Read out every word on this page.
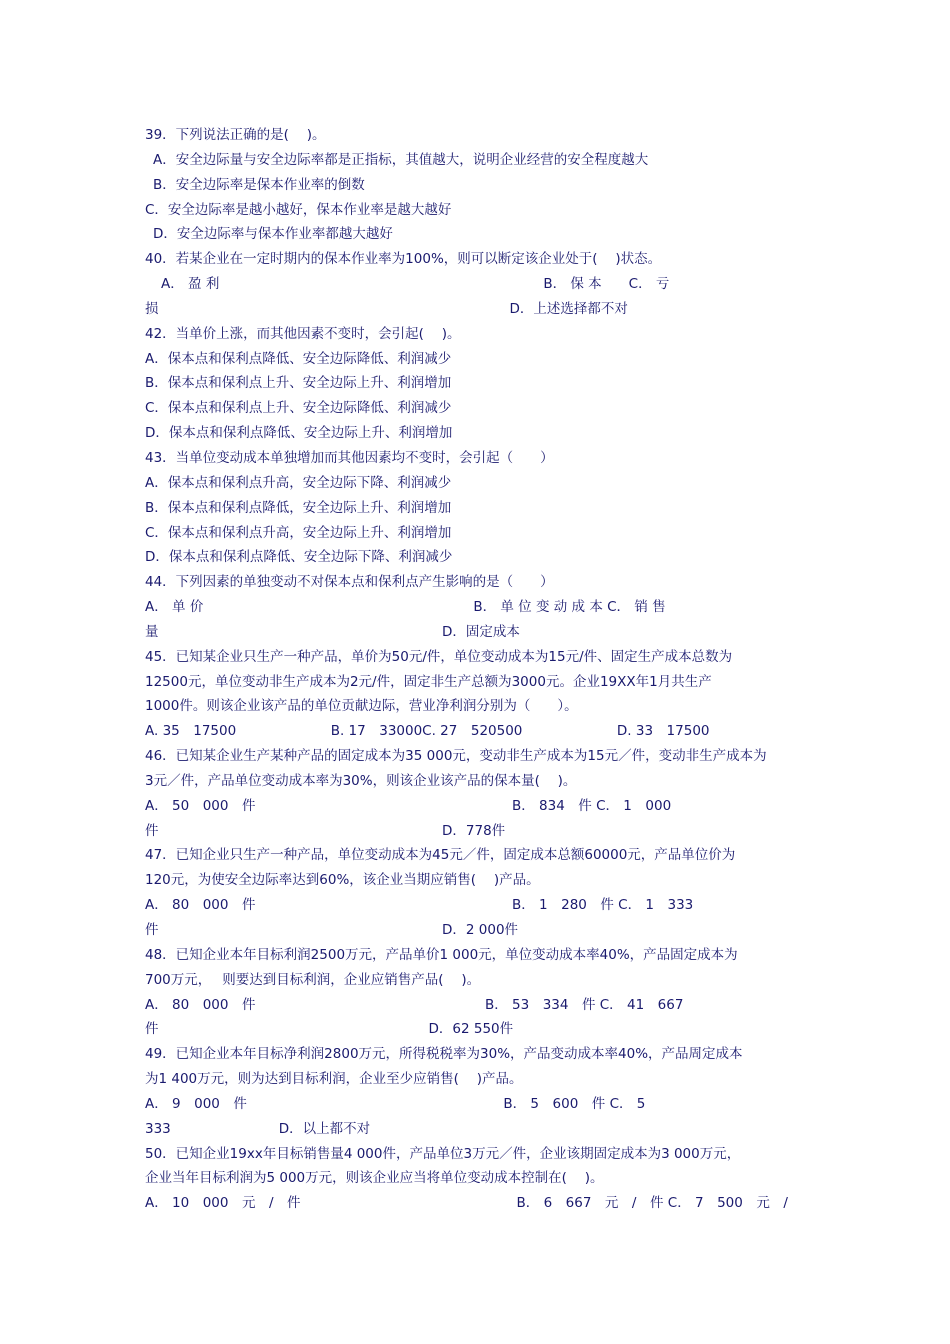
39．下列说法正确的是(　 )。
A．安全边际量与安全边际率都是正指标，其值越大，说明企业经营的安全程度越大
B．安全边际率是保本作业率的倒数
C．安全边际率是越小越好，保本作业率是越大越好
D．安全边际率与保本作业率都越大越好
40．若某企业在一定时期内的保本作业率为100%，则可以断定该企业处于(　 )状态。
A． 盈 利　　　　　　　　　　　　　　　　　　　　　　　　B． 保 本　　C． 亏
损　　　　　　　　　　　　　　　　　　　　　　　　　　D．上述选择都不对
42．当单价上涨，而其他因素不变时，会引起(　 )。
A．保本点和保利点降低、安全边际降低、利润减少
B．保本点和保利点上升、安全边际上升、利润增加
C．保本点和保利点上升、安全边际降低、利润减少
D．保本点和保利点降低、安全边际上升、利润增加
43．当单位变动成本单独增加而其他因素均不变时，会引起（　　）
A．保本点和保利点升高，安全边际下降、利润减少
B．保本点和保利点降低，安全边际上升、利润增加
C．保本点和保利点升高，安全边际上升、利润增加
D．保本点和保利点降低、安全边际下降、利润减少
44．下列因素的单独变动不对保本点和保利点产生影响的是（　　）
A． 单 价　　　　　　　　　　　　　　　　　　　　B． 单 位 变 动 成 本 C． 销 售
量　　　　　　　　　　　　　　　　　　　　　D．固定成本
45．已知某企业只生产一种产品，单价为50元/件，单位变动成本为15元/件、固定生产成本总数为
12500元，单位变动非生产成本为2元/件，固定非生产总额为3000元。企业19XX年1月共生产
1000件。则该企业该产品的单位贡献边际，营业净利润分别为（　　）。
A. 35　17500　　　　　　　B. 17　33000C. 27　520500　　　　　　　D. 33　17500
46．已知某企业生产某种产品的固定成本为35 000元，变动非生产成本为15元／件，变动非生产成本为
3元／件，产品单位变动成本率为30%，则该企业该产品的保本量(　 )。
A． 50　000　件　　　　　　　　　　　　　　　　　　　B． 834　件 C． 1　000
件　　　　　　　　　　　　　　　　　　　　　D．778件
47．已知企业只生产一种产品，单位变动成本为45元／件，固定成本总额60000元，产品单位价为
120元，为使安全边际率达到60%，该企业当期应销售(　 )产品。
A． 80　000　件　　　　　　　　　　　　　　　　　　　B． 1　280　件 C． 1　333
件　　　　　　　　　　　　　　　　　　　　　D．2 000件
48．已知企业本年目标利润2500万元，产品单价1 000元，单位变动成本率40%，产品固定成本为
700万元，　 则要达到目标利润，企业应销售产品(　 )。
A． 80　000　件　　　　　　　　　　　　　　　　　B． 53　334　件 C． 41　667
件　　　　　　　　　　　　　　　　　　　　D．62 550件
49．已知企业本年目标净利润2800万元，所得税税率为30%，产品变动成本率40%，产品周定成本
为1 400万元，则为达到目标利润，企业至少应销售(　 )产品。
A． 9　000　件　　　　　　　　　　　　　　　　　　　B． 5　600　件 C． 5
333　　　　　　　　D．以上都不对
50．已知企业19xx年目标销售量4 000件，产品单位3万元／件，企业该期固定成本为3 000万元，
企业当年目标利润为5 000万元，则该企业应当将单位变动成本控制在(　 )。
A． 10　000　元　/　件　　　　　　　　　　　　　　　　B． 6　667　元　/　件 C． 7　500　元　/
